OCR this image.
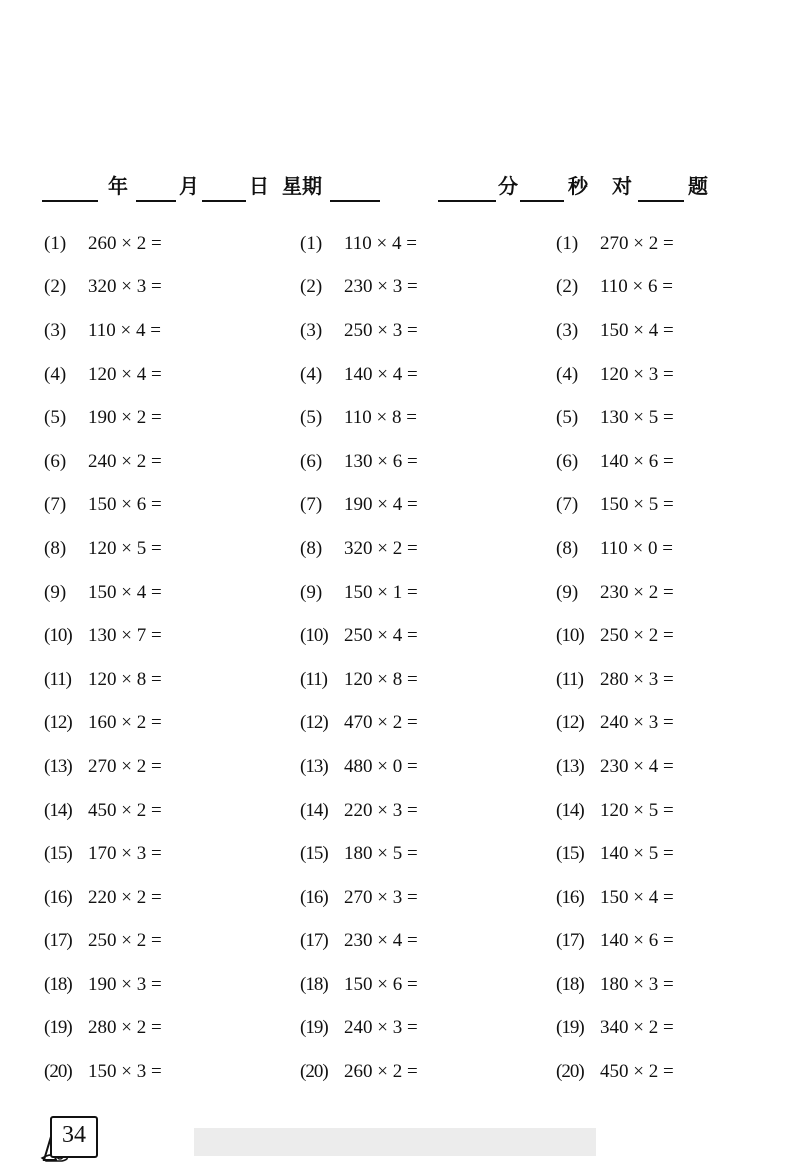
年	月	日 星期	分	秒 对	题
(1)	260 × 2 =
(2)	320 × 3 =
(3)	110 × 4 =
(4)	120 × 4 =
(5)	190 × 2 =
(6)	240 × 2 =
(7)	150 × 6 =
(8)	120 × 5 =
(9)	150 × 4 =
(10) 130 × 7 =
(11) 120 × 8 =
(12) 160 × 2 =
(13) 270 × 2 =
(14) 450 × 2 =
(15) 170 × 3 =
(16) 220 × 2 =
(17) 250 × 2 =
(18) 190 × 3 =
(19) 280 × 2 =
(20) 150 × 3 =
(1)	110 × 4 =
(2)	230 × 3 =
(3)	250 × 3 =
(4)	140 × 4 =
(5)	110 × 8 =
(6)	130 × 6 =
(7)	190 × 4 =
(8)	320 × 2 =
(9)	150 × 1 =
(10) 250 × 4 =
(11) 120 × 8 =
(12) 470 × 2 =
(13) 480 × 0 =
(14) 220 × 3 =
(15) 180 × 5 =
(16) 270 × 3 =
(17) 230 × 4 =
(18) 150 × 6 =
(19) 240 × 3 =
(20) 260 × 2 =
(1)	270 × 2 =
(2)	110 × 6 =
(3)	150 × 4 =
(4)	120 × 3 =
(5)	130 × 5 =
(6)	140 × 6 =
(7)	150 × 5 =
(8)	110 × 0 =
(9)	230 × 2 =
(10) 250 × 2 =
(11) 280 × 3 =
(12) 240 × 3 =
(13) 230 × 4 =
(14) 120 × 5 =
(15) 140 × 5 =
(16) 150 × 4 =
(17) 140 × 6 =
(18) 180 × 3 =
(19) 340 × 2 =
(20) 450 × 2 =
34
